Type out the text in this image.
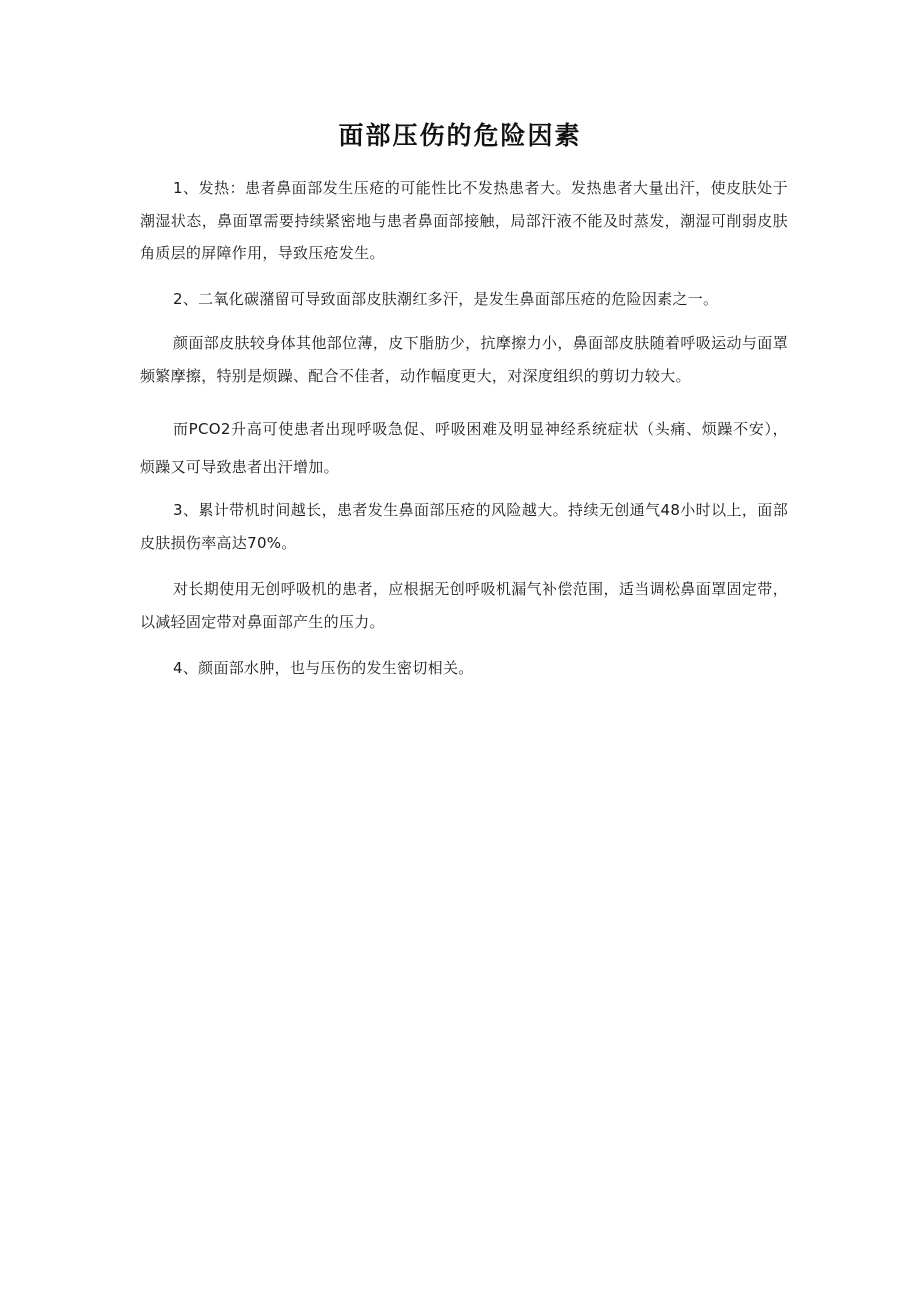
面部压伤的危险因素

1、发热：患者鼻面部发生压疮的可能性比不发热患者大。发热患者大量出汗，使皮肤处于潮湿状态，鼻面罩需要持续紧密地与患者鼻面部接触，局部汗液不能及时蒸发，潮湿可削弱皮肤角质层的屏障作用，导致压疮发生。

2、二氧化碳潴留可导致面部皮肤潮红多汗，是发生鼻面部压疮的危险因素之一。

颜面部皮肤较身体其他部位薄，皮下脂肪少，抗摩擦力小，鼻面部皮肤随着呼吸运动与面罩频繁摩擦，特别是烦躁、配合不佳者，动作幅度更大，对深度组织的剪切力较大。

而PCO2升高可使患者出现呼吸急促、呼吸困难及明显神经系统症状（头痛、烦躁不安），烦躁又可导致患者出汗增加。

3、累计带机时间越长，患者发生鼻面部压疮的风险越大。持续无创通气48小时以上，面部皮肤损伤率高达70%。

对长期使用无创呼吸机的患者，应根据无创呼吸机漏气补偿范围，适当调松鼻面罩固定带，以减轻固定带对鼻面部产生的压力。

4、颜面部水肿，也与压伤的发生密切相关。
